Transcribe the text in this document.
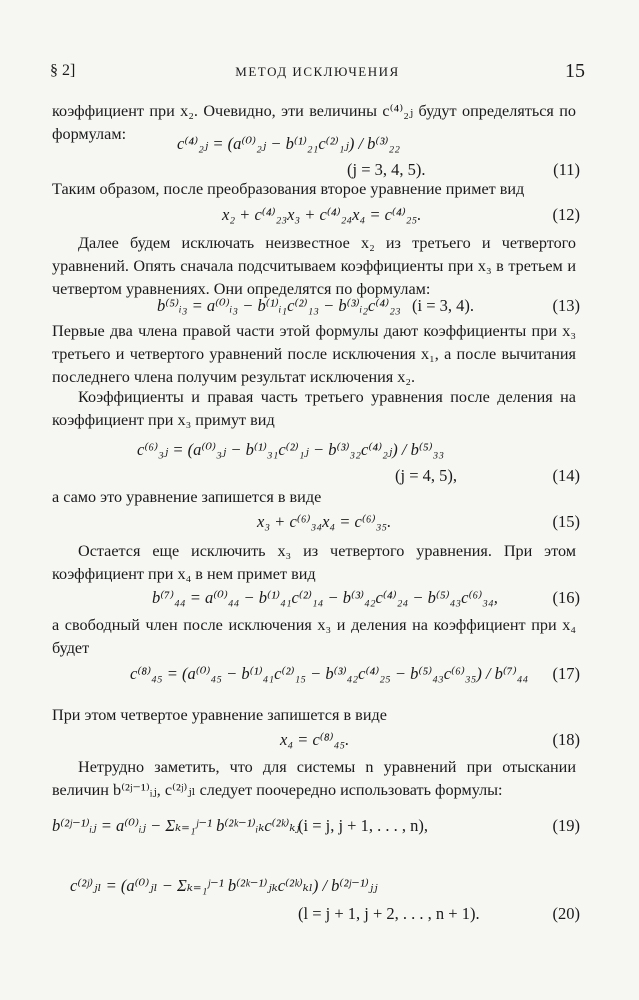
§ 2]	МЕТОД ИСКЛЮЧЕНИЯ	15
коэффициент при x₂. Очевидно, эти величины c⁽⁴⁾₂ⱼ будут определяться по формулам:	c⁽⁴⁾₂ⱼ = (a⁽⁰⁾₂ⱼ − b⁽¹⁾₂₁c⁽²⁾₁ⱼ) / b⁽³⁾₂₂
(j = 3, 4, 5).	(11)
Таким образом, после преобразования второе уравнение примет вид
x₂ + c⁽⁴⁾₂₃x₃ + c⁽⁴⁾₂₄x₄ = c⁽⁴⁾₂₅.	(12)
Далее будем исключать неизвестное x₂ из третьего и четвертого уравнений. Опять сначала подсчитываем коэффициенты при x₃ в третьем и четвертом уравнениях. Они определятся по формулам:
b⁽⁵⁾ᵢ₃ = a⁽⁰⁾ᵢ₃ − b⁽¹⁾ᵢ₁c⁽²⁾₁₃ − b⁽³⁾ᵢ₂c⁽⁴⁾₂₃ (i = 3, 4).	(13)
Первые два члена правой части этой формулы дают коэффициенты при x₃ третьего и четвертого уравнений после исключения x₁, а после вычитания последнего члена получим результат исключения x₂.
Коэффициенты и правая часть третьего уравнения после деления на коэффициент при x₃ примут вид
c⁽⁶⁾₃ⱼ = (a⁽⁰⁾₃ⱼ − b⁽¹⁾₃₁c⁽²⁾₁ⱼ − b⁽³⁾₃₂c⁽⁴⁾₂ⱼ) / b⁽⁵⁾₃₃
(j = 4, 5),	(14)
а само это уравнение запишется в виде
x₃ + c⁽⁶⁾₃₄x₄ = c⁽⁶⁾₃₅.	(15)
Остается еще исключить x₃ из четвертого уравнения. При этом коэффициент при x₄ в нем примет вид
b⁽⁷⁾₄₄ = a⁽⁰⁾₄₄ − b⁽¹⁾₄₁c⁽²⁾₁₄ − b⁽³⁾₄₂c⁽⁴⁾₂₄ − b⁽⁵⁾₄₃c⁽⁶⁾₃₄,	(16)
а свободный член после исключения x₃ и деления на коэффициент при x₄ будет
c⁽⁸⁾₄₅ = (a⁽⁰⁾₄₅ − b⁽¹⁾₄₁c⁽²⁾₁₅ − b⁽³⁾₄₂c⁽⁴⁾₂₅ − b⁽⁵⁾₄₃c⁽⁶⁾₃₅) / b⁽⁷⁾₄₄ (17)
При этом четвертое уравнение запишется в виде
x₄ = c⁽⁸⁾₄₅.	(18)
Нетрудно заметить, что для системы n уравнений при отыскании величин b⁽²ʲ⁻¹⁾ᵢⱼ, c⁽²ʲ⁾ⱼₗ следует поочередно использовать формулы:
b⁽²ʲ⁻¹⁾ᵢⱼ = a⁽⁰⁾ᵢⱼ − Σₖ₌₁ʲ⁻¹ b⁽²ᵏ⁻¹⁾ᵢₖc⁽²ᵏ⁾ₖⱼ
(i = j, j + 1, . . . , n),	(19)
c⁽²ʲ⁾ⱼₗ = (a⁽⁰⁾ⱼₗ − Σₖ₌₁ʲ⁻¹ b⁽²ᵏ⁻¹⁾ⱼₖc⁽²ᵏ⁾ₖₗ) / b⁽²ʲ⁻¹⁾ⱼⱼ
(l = j + 1, j + 2, . . . , n + 1).	(20)
